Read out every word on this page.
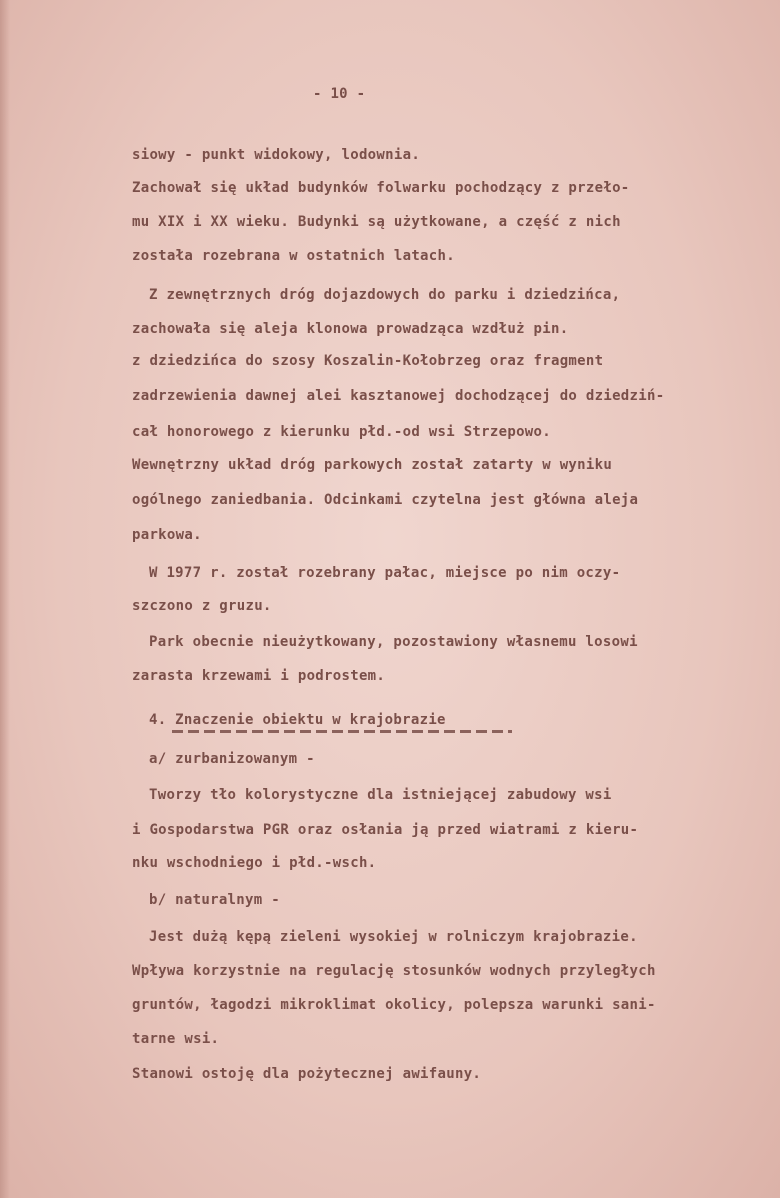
- 10 -
siowy - punkt widokowy, lodownia.
Zachował się układ budynków folwarku pochodzący z przeło-
mu XIX i XX wieku. Budynki są użytkowane, a część z nich
została rozebrana w ostatnich latach.
Z zewnętrznych dróg dojazdowych do parku i dziedzińca,
zachowała się aleja klonowa prowadząca wzdłuż pin.
z dziedzińca do szosy Koszalin-Kołobrzeg oraz fragment
zadrzewienia dawnej alei kasztanowej dochodzącej do dziedziń-
cał honorowego z kierunku płd.-od wsi Strzepowo.
Wewnętrzny układ dróg parkowych został zatarty w wyniku
ogólnego zaniedbania. Odcinkami czytelna jest główna aleja
parkowa.
W 1977 r. został rozebrany pałac, miejsce po nim oczy-
szczono z gruzu.
Park obecnie nieużytkowany, pozostawiony własnemu losowi
zarasta krzewami i podrostem.
4. Znaczenie obiektu w krajobrazie
a/ zurbanizowanym -
Tworzy tło kolorystyczne dla istniejącej zabudowy wsi
i Gospodarstwa PGR oraz osłania ją przed wiatrami z kieru-
nku wschodniego i płd.-wsch.
b/ naturalnym -
Jest dużą kępą zieleni wysokiej w rolniczym krajobrazie.
Wpływa korzystnie na regulację stosunków wodnych przyległych
gruntów, łagodzi mikroklimat okolicy, polepsza warunki sani-
tarne wsi.
Stanowi ostoję dla pożytecznej awifauny.
